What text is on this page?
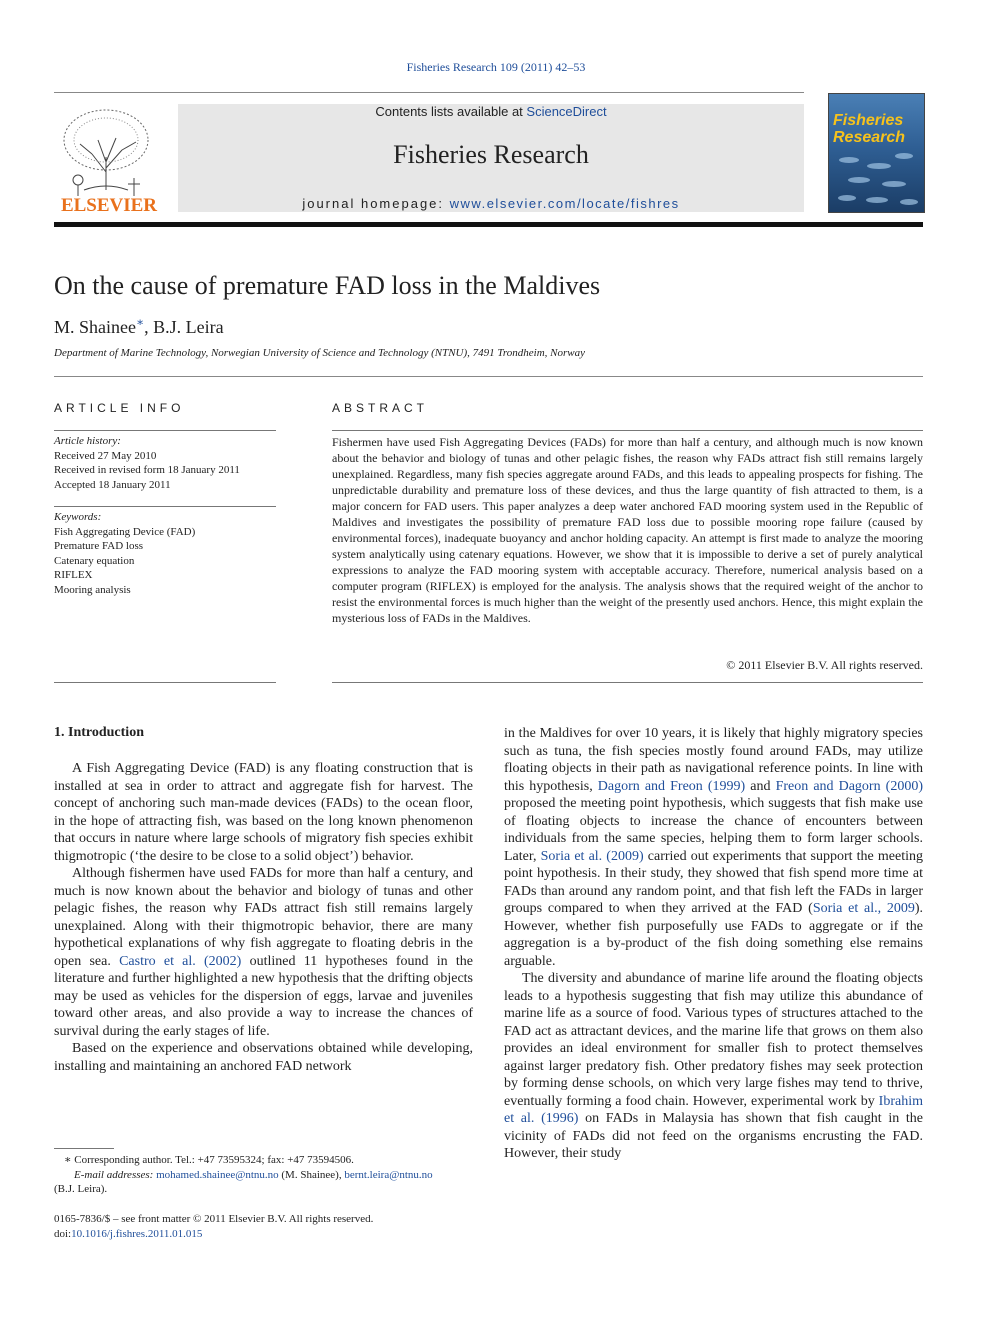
Fisheries Research 109 (2011) 42–53
ELSEVIER
Contents lists available at ScienceDirect
Fisheries Research
journal homepage: www.elsevier.com/locate/fishres
Fisheries Research
On the cause of premature FAD loss in the Maldives
M. Shainee∗, B.J. Leira
Department of Marine Technology, Norwegian University of Science and Technology (NTNU), 7491 Trondheim, Norway
ARTICLE INFO
Article history:
Received 27 May 2010
Received in revised form 18 January 2011
Accepted 18 January 2011
Keywords:
Fish Aggregating Device (FAD)
Premature FAD loss
Catenary equation
RIFLEX
Mooring analysis
ABSTRACT
Fishermen have used Fish Aggregating Devices (FADs) for more than half a century, and although much is now known about the behavior and biology of tunas and other pelagic fishes, the reason why FADs attract fish still remains largely unexplained. Regardless, many fish species aggregate around FADs, and this leads to appealing prospects for fishing. The unpredictable durability and premature loss of these devices, and thus the large quantity of fish attracted to them, is a major concern for FAD users. This paper analyzes a deep water anchored FAD mooring system used in the Republic of Maldives and investigates the possibility of premature FAD loss due to possible mooring rope failure (caused by environmental forces), inadequate buoyancy and anchor holding capacity. An attempt is first made to analyze the mooring system analytically using catenary equations. However, we show that it is impossible to derive a set of purely analytical expressions to analyze the FAD mooring system with acceptable accuracy. Therefore, numerical analysis based on a computer program (RIFLEX) is employed for the analysis. The analysis shows that the required weight of the anchor to resist the environmental forces is much higher than the weight of the presently used anchors. Hence, this might explain the mysterious loss of FADs in the Maldives.
© 2011 Elsevier B.V. All rights reserved.
1. Introduction

A Fish Aggregating Device (FAD) is any floating construction that is installed at sea in order to attract and aggregate fish for harvest. The concept of anchoring such man-made devices (FADs) to the ocean floor, in the hope of attracting fish, was based on the long known phenomenon that occurs in nature where large schools of migratory fish species exhibit thigmotropic (‘the desire to be close to a solid object’) behavior.

Although fishermen have used FADs for more than half a century, and much is now known about the behavior and biology of tunas and other pelagic fishes, the reason why FADs attract fish still remains largely unexplained. Along with their thigmotropic behavior, there are many hypothetical explanations of why fish aggregate to floating debris in the open sea. Castro et al. (2002) outlined 11 hypotheses found in the literature and further highlighted a new hypothesis that the drifting objects may be used as vehicles for the dispersion of eggs, larvae and juveniles toward other areas, and also provide a way to increase the chances of survival during the early stages of life.

Based on the experience and observations obtained while developing, installing and maintaining an anchored FAD network

in the Maldives for over 10 years, it is likely that highly migratory species such as tuna, the fish species mostly found around FADs, may utilize floating objects in their path as navigational reference points. In line with this hypothesis, Dagorn and Freon (1999) and Freon and Dagorn (2000) proposed the meeting point hypothesis, which suggests that fish make use of floating objects to increase the chance of encounters between individuals from the same species, helping them to form larger schools. Later, Soria et al. (2009) carried out experiments that support the meeting point hypothesis. In their study, they showed that fish spend more time at FADs than around any random point, and that fish left the FADs in larger groups compared to when they arrived at the FAD (Soria et al., 2009). However, whether fish purposefully use FADs to aggregate or if the aggregation is a by-product of the fish doing something else remains arguable.

The diversity and abundance of marine life around the floating objects leads to a hypothesis suggesting that fish may utilize this abundance of marine life as a source of food. Various types of structures attached to the FAD act as attractant devices, and the marine life that grows on them also provides an ideal environment for smaller fish to protect themselves against larger predatory fish. Other predatory fishes may seek protection by forming dense schools, on which very large fishes may tend to thrive, eventually forming a food chain. However, experimental work by Ibrahim et al. (1996) on FADs in Malaysia has shown that fish caught in the vicinity of FADs did not feed on the organisms encrusting the FAD. However, their study

∗ Corresponding author. Tel.: +47 73595324; fax: +47 73594506.
E-mail addresses: mohamed.shainee@ntnu.no (M. Shainee), bernt.leira@ntnu.no
(B.J. Leira).
0165-7836/$ – see front matter © 2011 Elsevier B.V. All rights reserved.
doi:10.1016/j.fishres.2011.01.015
